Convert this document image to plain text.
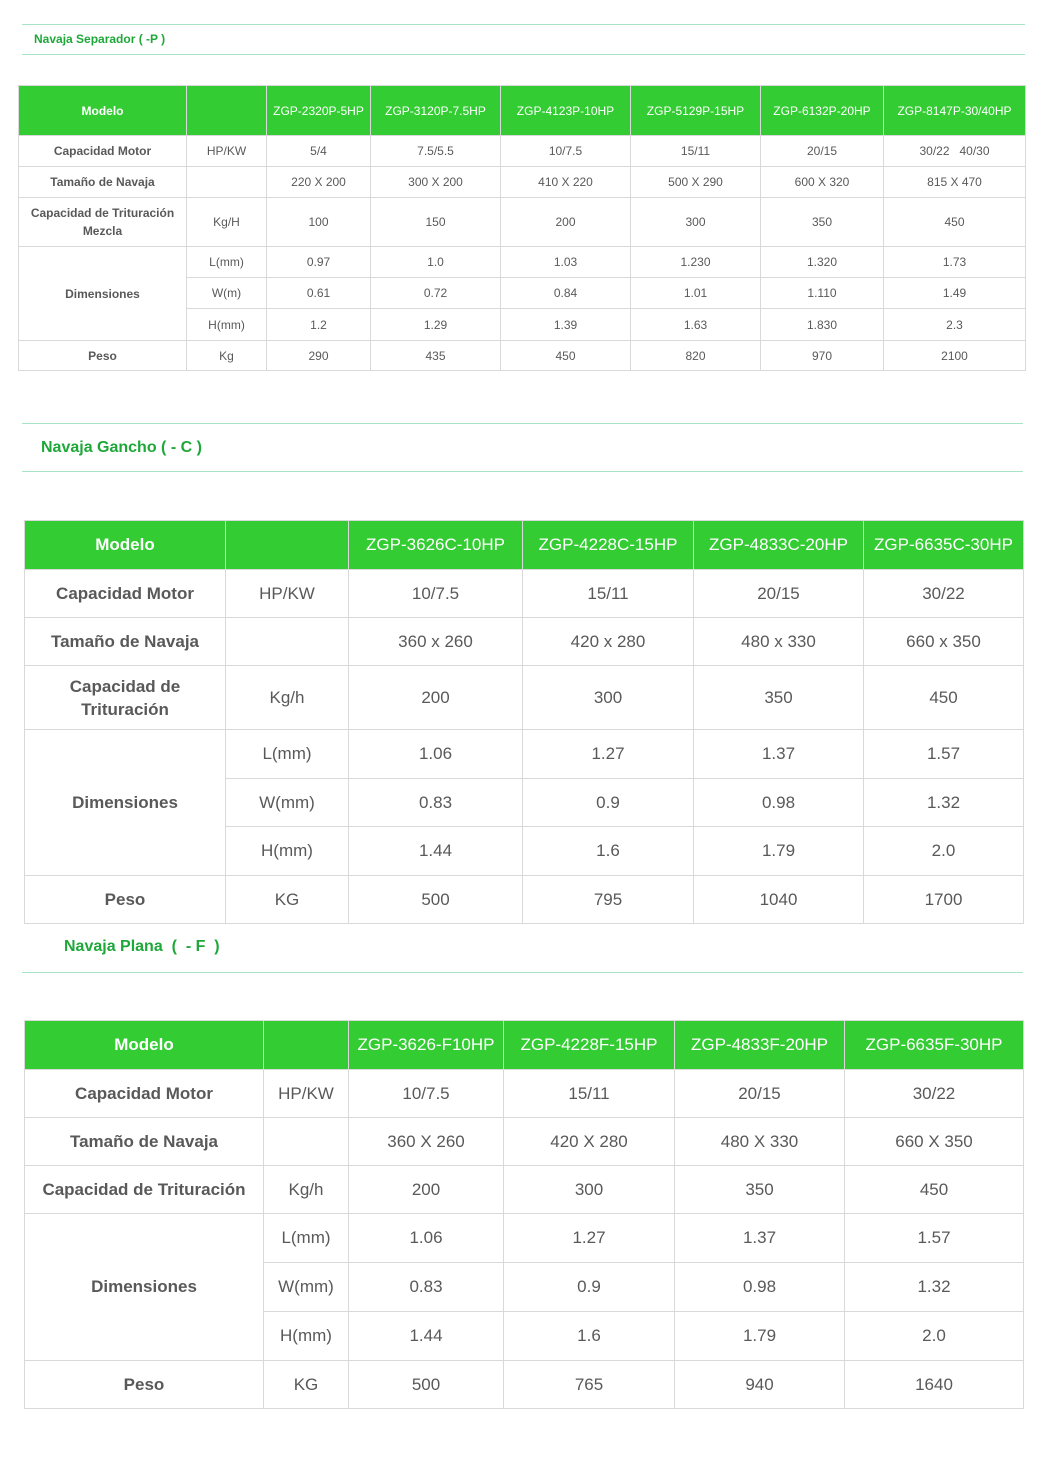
Navaja Separador ( -P )
Modelo		ZGP-2320P-5HP	ZGP-3120P-7.5HP	ZGP-4123P-10HP	ZGP-5129P-15HP	ZGP-6132P-20HP	ZGP-8147P-30/40HP
Capacidad Motor	HP/KW	5/4	7.5/5.5	10/7.5	15/11	20/15	30/22   40/30
Tamaño de Navaja		220 X 200	300 X 200	410 X 220	500 X 290	600 X 320	815 X 470
Capacidad de Trituración Mezcla	Kg/H	100	150	200	300	350	450
Dimensiones	L(mm)	0.97	1.0	1.03	1.230	1.320	1.73
	W(m)	0.61	0.72	0.84	1.01	1.110	1.49
	H(mm)	1.2	1.29	1.39	1.63	1.830	2.3
Peso	Kg	290	435	450	820	970	2100
Navaja Gancho ( - C )
Modelo		ZGP-3626C-10HP	ZGP-4228C-15HP	ZGP-4833C-20HP	ZGP-6635C-30HP
Capacidad Motor	HP/KW	10/7.5	15/11	20/15	30/22
Tamaño de Navaja		360 x 260	420 x 280	480 x 330	660 x 350
Capacidad de Trituración	Kg/h	200	300	350	450
Dimensiones	L(mm)	1.06	1.27	1.37	1.57
	W(mm)	0.83	0.9	0.98	1.32
	H(mm)	1.44	1.6	1.79	2.0
Peso	KG	500	795	1040	1700
Navaja Plana  (  - F  )
Modelo		ZGP-3626-F10HP	ZGP-4228F-15HP	ZGP-4833F-20HP	ZGP-6635F-30HP
Capacidad Motor	HP/KW	10/7.5	15/11	20/15	30/22
Tamaño de Navaja		360 X 260	420 X 280	480 X 330	660 X 350
Capacidad de Trituración	Kg/h	200	300	350	450
Dimensiones	L(mm)	1.06	1.27	1.37	1.57
	W(mm)	0.83	0.9	0.98	1.32
	H(mm)	1.44	1.6	1.79	2.0
Peso	KG	500	765	940	1640
